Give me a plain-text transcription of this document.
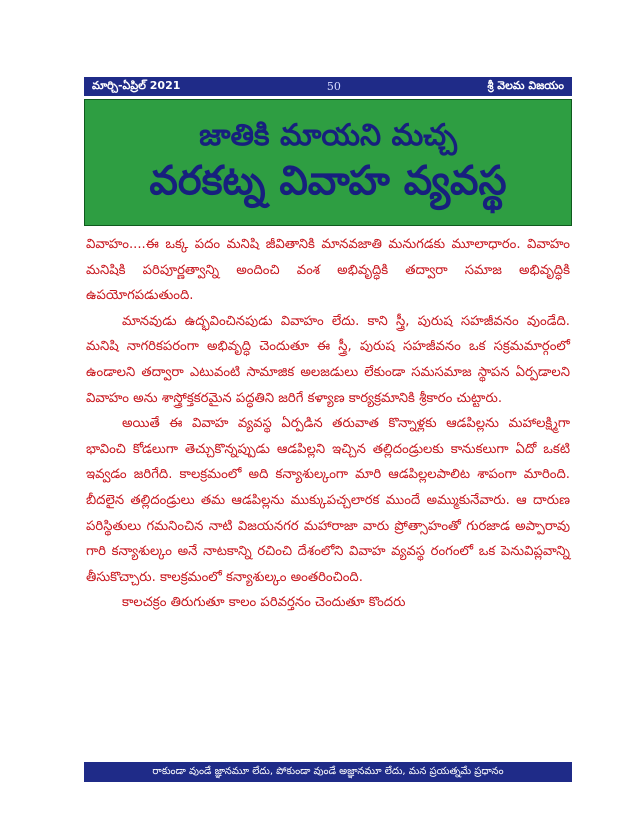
మార్చి-ఏప్రిల్ 2021	50	శ్రీ వెలమ విజయం
జాతికి మాయని మచ్చ
వరకట్న వివాహ వ్యవస్థ

వివాహం....ఈ ఒక్క పదం మనిషి జీవితానికి మానవజాతి మనుగడకు మూలాధారం. వివాహం మనిషికి పరిపూర్ణత్వాన్ని అందించి వంశ అభివృద్ధికి తద్వారా సమాజ అభివృద్ధికి ఉపయోగపడుతుంది.

మానవుడు ఉద్భవించినపుడు వివాహం లేదు. కాని స్త్రీ, పురుష సహజీవనం వుండేది. మనిషి నాగరికపరంగా అభివృద్ధి చెందుతూ ఈ స్త్రీ, పురుష సహజీవనం ఒక సక్రమమార్గంలో ఉండాలని తద్వారా ఎటువంటి సామాజిక అలజడులు లేకుండా సమసమాజ స్థాపన ఏర్పడాలని వివాహం అను శాస్త్రోక్తకరమైన పద్ధతిని జరిగే కళ్యాణ కార్యక్రమానికి శ్రీకారం చుట్టారు.

అయితే ఈ వివాహ వ్యవస్థ ఏర్పడిన తరువాత కొన్నాళ్లకు ఆడపిల్లను మహాలక్ష్మిగా భావించి కోడలుగా తెచ్చుకొన్నప్పుడు ఆడపిల్లని ఇచ్చిన తల్లిదండ్రులకు కానుకలుగా ఏదో ఒకటి ఇవ్వడం జరిగేది. కాలక్రమంలో అది కన్యాశుల్కంగా మారి ఆడపిల్లలపాలిట శాపంగా మారింది. బీదలైన తల్లిదండ్రులు తమ ఆడపిల్లను ముక్కుపచ్చలారక ముందే అమ్ముకునేవారు. ఆ దారుణ పరిస్థితులు గమనించిన నాటి విజయనగర మహారాజా వారు ప్రోత్సాహంతో గురజాడ అప్పారావు గారి కన్యాశుల్కం అనే నాటకాన్ని రచించి దేశంలోని వివాహ వ్యవస్థ రంగంలో ఒక పెనువిప్లవాన్ని తీసుకొచ్చారు. కాలక్రమంలో కన్యాశుల్కం అంతరించింది.

కాలచక్రం తిరుగుతూ కాలం పరివర్తనం చెందుతూ కొందరు

రాకుండా వుండే జ్ఞానమూ లేదు, పోకుండా వుండే అజ్ఞానమూ లేదు, మన ప్రయత్నమే ప్రధానం
